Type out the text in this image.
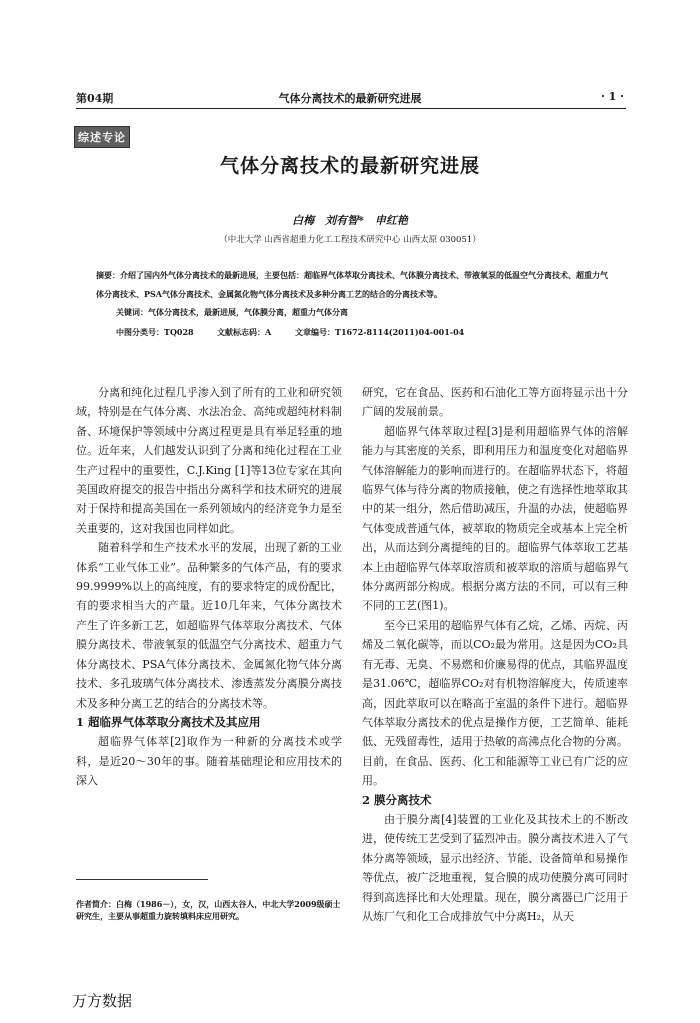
第04期	气体分离技术的最新研究进展	· 1 ·
综述专论
气体分离技术的最新研究进展
白梅　刘有智*　申红艳
（中北大学 山西省超重力化工工程技术研究中心 山西太原 030051）
摘要：介绍了国内外气体分离技术的最新进展，主要包括：超临界气体萃取分离技术、气体膜分离技术、带液氧泵的低温空气分离技术、超重力气体分离技术、PSA气体分离技术、金属氮化物气体分离技术及多种分离工艺的结合的分离技术等。
关键词：气体分离技术，最新进展，气体膜分离，超重力气体分离
中图分类号：TQ028	文献标志码：A	文章编号：T1672-8114(2011)04-001-04

分离和纯化过程几乎渗入到了所有的工业和研究领域，特别是在气体分离、水法冶金、高纯或超纯材料制备、环境保护等领域中分离过程更是具有举足轻重的地位。近年来，人们越发认识到了分离和纯化过程在工业生产过程中的重要性，C.J.King [1]等13位专家在其向美国政府提交的报告中指出分离科学和技术研究的进展对于保持和提高美国在一系列领域内的经济竞争力是至关重要的，这对我国也同样如此。

随着科学和生产技术水平的发展，出现了新的工业体系“工业气体工业”。品种繁多的气体产品，有的要求99.9999%以上的高纯度，有的要求特定的成份配比，有的要求相当大的产量。近10几年来，气体分离技术产生了许多新工艺，如超临界气体萃取分离技术、气体膜分离技术、带液氧泵的低温空气分离技术、超重力气体分离技术、PSA气体分离技术、金属氮化物气体分离技术、多孔玻璃气体分离技术、渗透蒸发分离膜分离技术及多种分离工艺的结合的分离技术等。

1 超临界气体萃取分离技术及其应用

超临界气体萃[2]取作为一种新的分离技术或学科，是近20～30年的事。随着基础理论和应用技术的深入

研究，它在食品、医药和石油化工等方面将显示出十分广阔的发展前景。

超临界气体萃取过程[3]是利用超临界气体的溶解能力与其密度的关系，即利用压力和温度变化对超临界气体溶解能力的影响而进行的。在超临界状态下，将超临界气体与待分离的物质接触，使之有选择性地萃取其中的某一组分，然后借助减压，升温的办法，使超临界气体变成普通气体，被萃取的物质完全或基本上完全析出，从而达到分离提纯的目的。超临界气体萃取工艺基本上由超临界气体萃取溶质和被萃取的溶质与超临界气体分离两部分构成。根据分离方法的不同，可以有三种不同的工艺(图1)。

至今已采用的超临界气体有乙烷，乙烯、丙烷、丙烯及二氧化碳等，而以CO₂最为常用。这是因为CO₂具有无毒、无臭、不易燃和价廉易得的优点，其临界温度是31.06℃，超临界CO₂对有机物溶解度大，传质速率高，因此萃取可以在略高于室温的条件下进行。超临界气体萃取分离技术的优点是操作方便，工艺简单、能耗低、无残留毒性，适用于热敏的高沸点化合物的分离。目前，在食品、医药、化工和能源等工业已有广泛的应用。

2 膜分离技术

由于膜分离[4]装置的工业化及其技术上的不断改进，使传统工艺受到了猛烈冲击。膜分离技术进入了气体分离等领域，显示出经济、节能、设备简单和易操作等优点，被广泛地重视，复合膜的成功使膜分离可同时得到高选择比和大处理量。现在，膜分离器已广泛用于从炼厂气和化工合成排放气中分离H₂，从天

作者简介：白梅（1986－），女，汉，山西太谷人，中北大学2009级硕士研究生，主要从事超重力旋转填料床应用研究。
万方数据
